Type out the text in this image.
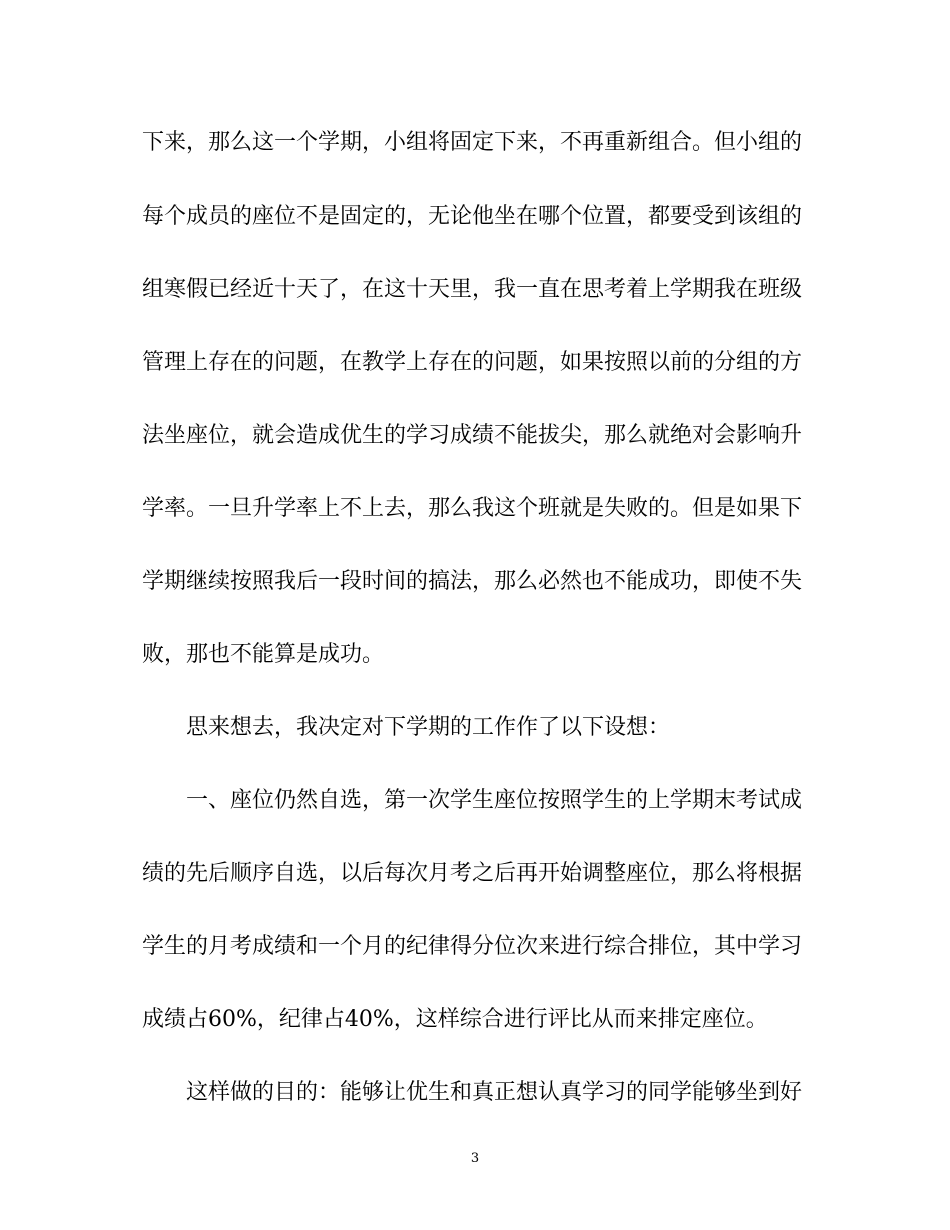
下来，那么这一个学期，小组将固定下来，不再重新组合。但小组的
每个成员的座位不是固定的，无论他坐在哪个位置，都要受到该组的
组寒假已经近十天了，在这十天里，我一直在思考着上学期我在班级
管理上存在的问题，在教学上存在的问题，如果按照以前的分组的方
法坐座位，就会造成优生的学习成绩不能拔尖，那么就绝对会影响升
学率。一旦升学率上不上去，那么我这个班就是失败的。但是如果下
学期继续按照我后一段时间的搞法，那么必然也不能成功，即使不失
败，那也不能算是成功。
思来想去，我决定对下学期的工作作了以下设想：
一、座位仍然自选，第一次学生座位按照学生的上学期末考试成
绩的先后顺序自选，以后每次月考之后再开始调整座位，那么将根据
学生的月考成绩和一个月的纪律得分位次来进行综合排位，其中学习
成绩占60%，纪律占40%，这样综合进行评比从而来排定座位。
这样做的目的：能够让优生和真正想认真学习的同学能够坐到好
3
